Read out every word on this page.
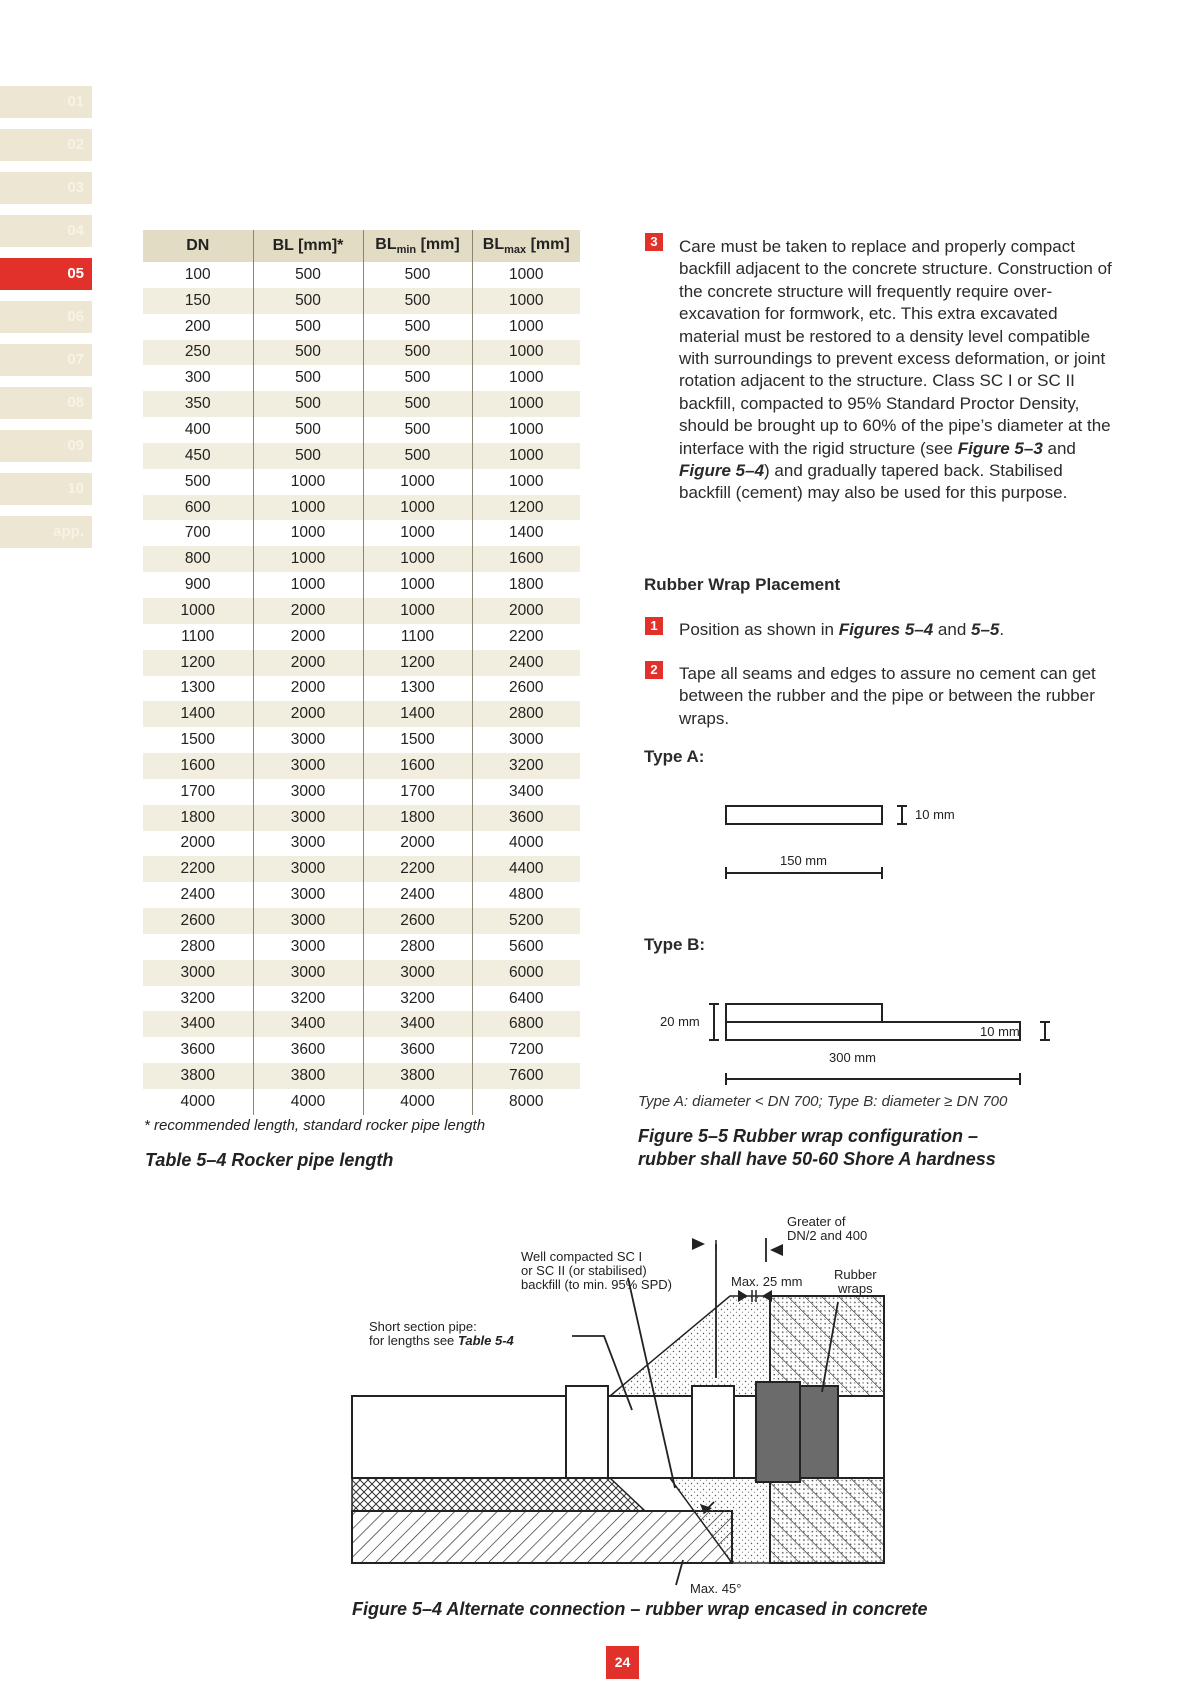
01
02
03
04
05
06
07
08
09
10
app.
DN	BL [mm]*	$BL_{min}$ [mm]	$BL_{max}$ [mm]
100	500	500	1000
150	500	500	1000
200	500	500	1000
250	500	500	1000
300	500	500	1000
350	500	500	1000
400	500	500	1000
450	500	500	1000
500	1000	1000	1000
600	1000	1000	1200
700	1000	1000	1400
800	1000	1000	1600
900	1000	1000	1800
1000	2000	1000	2000
1100	2000	1100	2200
1200	2000	1200	2400
1300	2000	1300	2600
1400	2000	1400	2800
1500	3000	1500	3000
1600	3000	1600	3200
1700	3000	1700	3400
1800	3000	1800	3600
2000	3000	2000	4000
2200	3000	2200	4400
2400	3000	2400	4800
2600	3000	2600	5200
2800	3000	2800	5600
3000	3000	3000	6000
3200	3200	3200	6400
3400	3400	3400	6800
3600	3600	3600	7200
3800	3800	3800	7600
4000	4000	4000	8000
* recommended length, standard rocker pipe length
Table 5–4 Rocker pipe length
3	Care must be taken to replace and properly compact backfill adjacent to the concrete structure. Construction of the concrete structure will frequently require over-excavation for formwork, etc. This extra excavated material must be restored to a density level compatible with surroundings to prevent excess deformation, or joint rotation adjacent to the structure. Class SC I or SC II backfill, compacted to 95% Standard Proctor Density, should be brought up to 60% of the pipe’s diameter at the interface with the rigid structure (see Figure 5–3 and Figure 5–4) and gradually tapered back. Stabilised backfill (cement) may also be used for this purpose.
Rubber Wrap Placement
1	Position as shown in Figures 5–4 and 5–5.
2	Tape all seams and edges to assure no cement can get between the rubber and the pipe or between the rubber wraps.
Type A:
10 mm
150 mm
Type B:
20 mm
10 mm
300 mm
Type A: diameter < DN 700; Type B: diameter ≥ DN 700
Figure 5–5 Rubber wrap configuration –
rubber shall have 50-60 Shore A hardness
Greater of
DN/2 and 400
Well compacted SC I
or SC II (or stabilised)
backfill (to min. 95% SPD)	Max. 25 mm Rubber
wraps
Short section pipe:
for lengths see Table 5-4
Max. 45°
Figure 5–4 Alternate connection – rubber wrap encased in concrete
24
